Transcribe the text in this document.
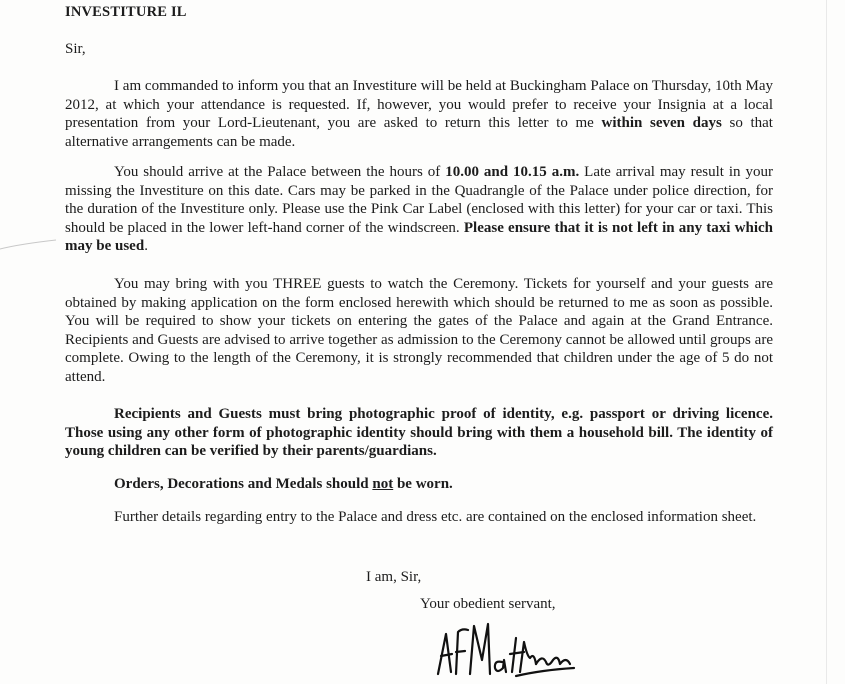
INVESTITURE IL
Sir,

I am commanded to inform you that an Investiture will be held at Buckingham Palace on Thursday, 10th May 2012, at which your attendance is requested. If, however, you would prefer to receive your Insignia at a local presentation from your Lord-Lieutenant, you are asked to return this letter to me within seven days so that alternative arrangements can be made.

You should arrive at the Palace between the hours of 10.00 and 10.15 a.m. Late arrival may result in your missing the Investiture on this date. Cars may be parked in the Quadrangle of the Palace under police direction, for the duration of the Investiture only. Please use the Pink Car Label (enclosed with this letter) for your car or taxi. This should be placed in the lower left-hand corner of the windscreen. Please ensure that it is not left in any taxi which may be used.

You may bring with you THREE guests to watch the Ceremony. Tickets for yourself and your guests are obtained by making application on the form enclosed herewith which should be returned to me as soon as possible. You will be required to show your tickets on entering the gates of the Palace and again at the Grand Entrance. Recipients and Guests are advised to arrive together as admission to the Ceremony cannot be allowed until groups are complete. Owing to the length of the Ceremony, it is strongly recommended that children under the age of 5 do not attend.

Recipients and Guests must bring photographic proof of identity, e.g. passport or driving licence. Those using any other form of photographic identity should bring with them a household bill. The identity of young children can be verified by their parents/guardians.

Orders, Decorations and Medals should not be worn.

Further details regarding entry to the Palace and dress etc. are contained on the enclosed information sheet.

I am, Sir,
Your obedient servant,
